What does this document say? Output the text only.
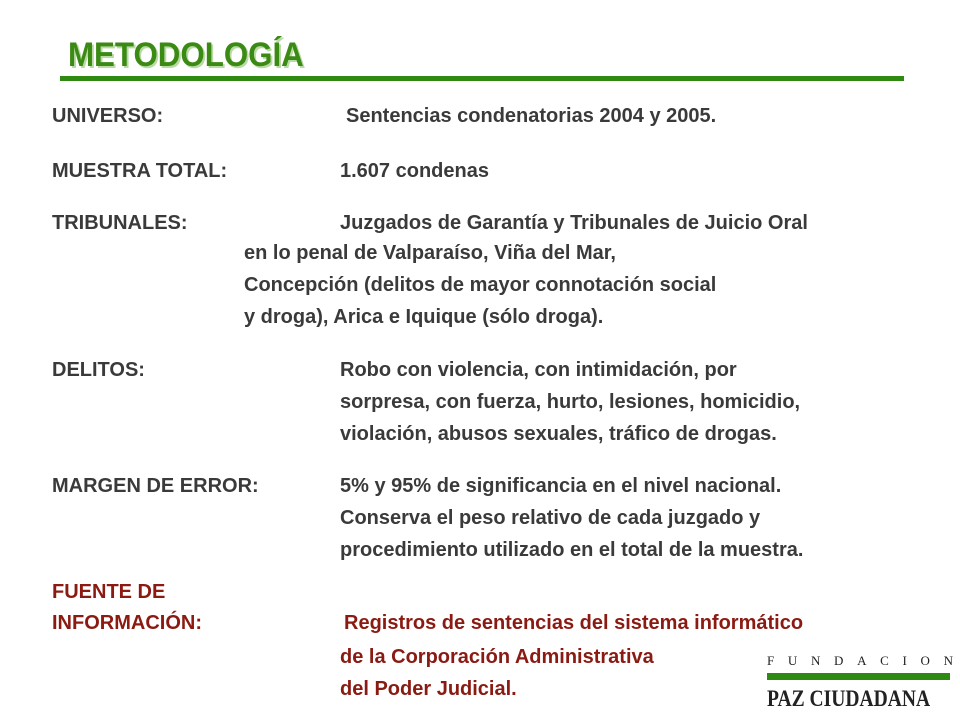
METODOLOGÍA
UNIVERSO:	Sentencias condenatorias 2004 y 2005.
MUESTRA TOTAL:	1.607 condenas
TRIBUNALES:	Juzgados de Garantía y Tribunales de Juicio Oral
en lo penal de Valparaíso, Viña del Mar,
Concepción (delitos de mayor connotación social
y droga), Arica e Iquique (sólo droga).
DELITOS:	Robo con violencia, con intimidación, por
sorpresa, con fuerza, hurto, lesiones, homicidio,
violación, abusos sexuales, tráfico de drogas.
MARGEN DE ERROR:	5% y 95% de significancia en el nivel nacional.
Conserva el peso relativo de cada juzgado y
procedimiento utilizado en el total de la muestra.
FUENTE DE
INFORMACIÓN:	Registros de sentencias del sistema informático
de la Corporación Administrativa
del Poder Judicial.
F U N D A C I O N
PAZ CIUDADANA
